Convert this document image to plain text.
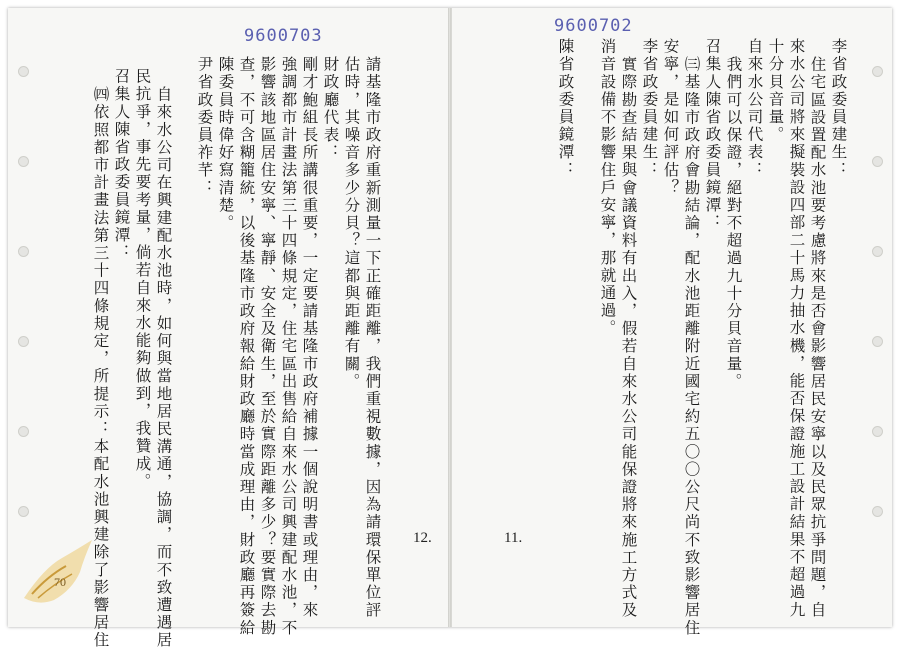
9600703
尹省政委員祚芊： 陳委員時偉好寫清楚。 查，不可含糊籠統，以後基隆市政府報給財政廳時當成理由，財政廳再簽給 影響該地區居住安寧、寧靜、安全及衛生，至於實際距離多少？要實際去勘 強調都市計畫法第三十四條規定，住宅區出售給自來水公司興建配水池，不 剛才鮑組長所講很重要，一定要請基隆市政府補據一個說明書或理由，來 財政廳代表： 估時，其噪音多少分貝？這都與距離有關。 請基隆市政府重新測量一下正確距離，我們重視數據，因為請環保單位評
自來水公司在興建配水池時，如何與當地居民溝通，協調，而不致遭遇居
民抗爭，事先要考量，倘若自來水能夠做到，我贊成。
召集人陳省政委員鏡潭：
㈣依照都市計畫法第三十四條規定，所提示：本配水池興建除了影響居住	12.
9600702
李省政委員建生：
住宅區設置配水池要考慮將來是否會影響居民安寧以及民眾抗爭問題，自
來水公司將來擬裝設四部二十馬力抽水機，能否保證施工設計結果不超過九
十分貝音量。
自來水公司代表：
我們可以保證，絕對不超過九十分貝音量。
召集人陳省政委員鏡潭：
㈢基隆市政府會勘結論，配水池距離附近國宅約五〇〇公尺尚不致影響居住
安寧，是如何評估？
李省政委員建生：
實際勘查結果與會議資料有出入，假若自來水公司能保證將來施工方式及
消音設備不影響住戶安寧，那就通過。
陳省政委員鏡潭：
11.
70
